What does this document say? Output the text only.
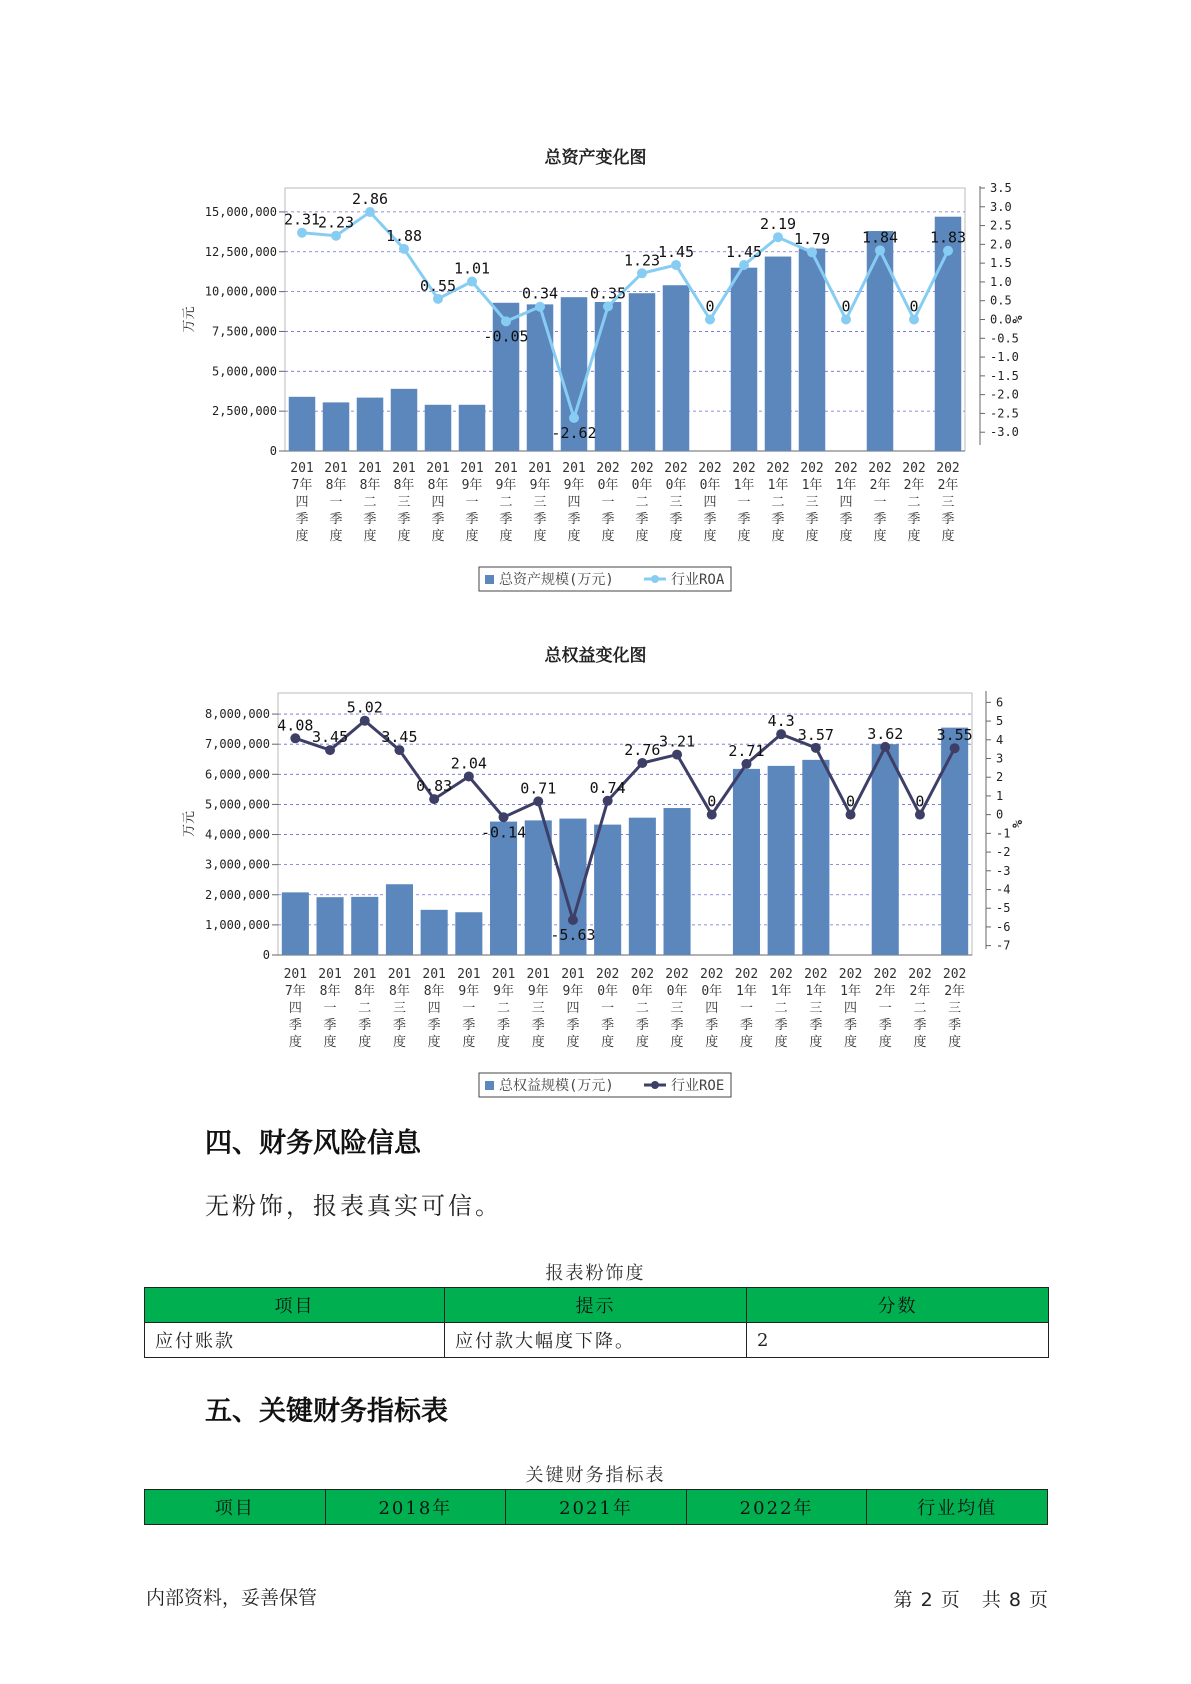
总资产变化图
0
2,500,000
5,000,000
7,500,000
10,000,000
12,500,000
15,000,000
-3.0
-2.5
-2.0
-1.5
-1.0
-0.5
0.0
0.5
1.0
1.5
2.0
2.5
3.0
3.5
万元	%
201
7年
四
季
度
201
8年
一
季
度
201
8年
二
季
度
201
8年
三
季
度
201
8年
四
季
度
201
9年
一
季
度
201
9年
二
季
度
201
9年
三
季
度
201
9年
四
季
度
202
0年
一
季
度
202
0年
二
季
度
202
0年
三
季
度
202
0年
四
季
度
202
1年
一
季
度
202
1年
二
季
度
202
1年
三
季
度
202
1年
四
季
度
202
2年
一
季
度
202
2年
二
季
度
202
2年
三
季
度
2.31
2.23
2.86
1.88
0.55
1.01
-0.05
0.34
-2.62
0.35
1.23
1.45
0
1.45
2.19
1.79
0
1.84
0
1.83
总资产规模(万元)	行业ROA
总权益变化图
0
1,000,000
2,000,000
3,000,000
4,000,000
5,000,000
6,000,000
7,000,000
8,000,000
-7
-6
-5
-4
-3
-2
-1
0
1
2
3
4
5
6
万元	%
201
7年
四
季
度
201
8年
一
季
度
201
8年
二
季
度
201
8年
三
季
度
201
8年
四
季
度
201
9年
一
季
度
201
9年
二
季
度
201
9年
三
季
度
201
9年
四
季
度
202
0年
一
季
度
202
0年
二
季
度
202
0年
三
季
度
202
0年
四
季
度
202
1年
一
季
度
202
1年
二
季
度
202
1年
三
季
度
202
1年
四
季
度
202
2年
一
季
度
202
2年
二
季
度
202
2年
三
季
度
4.08
3.45
5.02
3.45
0.83
2.04
-0.14
0.71
-5.63
0.74
2.76
3.21
0
2.71
4.3
3.57
0
3.62
0
3.55
总权益规模(万元)	行业ROE
四、财务风险信息
无粉饰，报表真实可信。
报表粉饰度
项目	提示	分数
应付账款	应付款大幅度下降。	2
五、关键财务指标表
关键财务指标表
项目	2018年	2021年	2022年	行业均值
内部资料，妥善保管	第 2 页   共 8 页
